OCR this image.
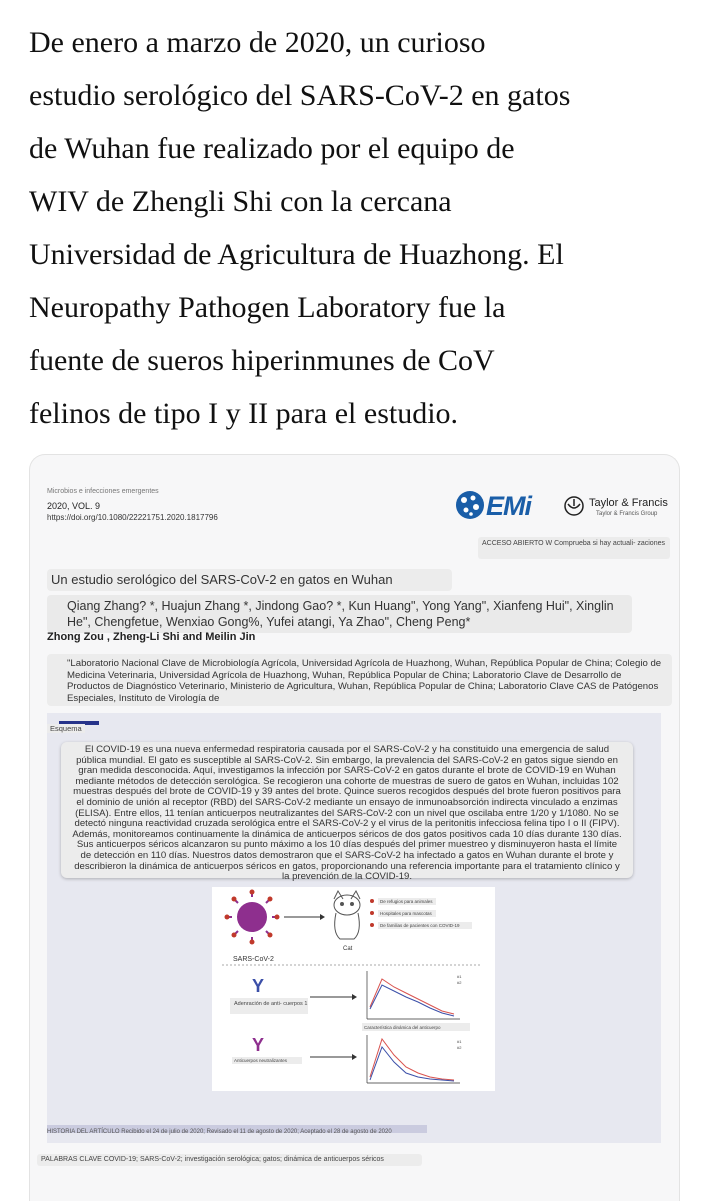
De enero a marzo de 2020, un curioso
estudio serológico del SARS-CoV-2 en gatos
de Wuhan fue realizado por el equipo de
WIV de Zhengli Shi con la cercana
Universidad de Agricultura de Huazhong. El
Neuropathy Pathogen Laboratory fue la
fuente de sueros hiperinmunes de CoV
felinos de tipo I y II para el estudio.
Microbios e infecciones emergentes
2020, VOL. 9
https://doi.org/10.1080/22221751.2020.1817796	EMi	Taylor & Francis
Taylor & Francis Group
ACCESO ABIERTO W Comprueba si hay actuali- zaciones
Un estudio serológico del SARS-CoV-2 en gatos en Wuhan
Qiang Zhang? *, Huajun Zhang *, Jindong Gao? *, Kun Huang", Yong Yang", Xianfeng Hui", Xinglin He", Chengfetue, Wenxiao Gong%, Yufei atangi, Ya Zhao", Cheng Peng*
Zhong Zou , Zheng-Li Shi and Meilin Jin
"Laboratorio Nacional Clave de Microbiología Agrícola, Universidad Agrícola de Huazhong, Wuhan, República Popular de China; Colegio de Medicina Veterinaria, Universidad Agrícola de Huazhong, Wuhan, República Popular de China; Laboratorio Clave de Desarrollo de Productos de Diagnóstico Veterinario, Ministerio de Agricultura, Wuhan, República Popular de China; Laboratorio Clave CAS de Patógenos Especiales, Instituto de Virología de
Esquema
El COVID-19 es una nueva enfermedad respiratoria causada por el SARS-CoV-2 y ha constituido una emergencia de salud pública mundial. El gato es susceptible al SARS-CoV-2. Sin embargo, la prevalencia del SARS-CoV-2 en gatos sigue siendo en gran medida desconocida. Aquí, investigamos la infección por SARS-CoV-2 en gatos durante el brote de COVID-19 en Wuhan mediante métodos de detección serológica. Se recogieron una cohorte de muestras de suero de gatos en Wuhan, incluidas 102 muestras después del brote de COVID-19 y 39 antes del brote. Quince sueros recogidos después del brote fueron positivos para el dominio de unión al receptor (RBD) del SARS-CoV-2 mediante un ensayo de inmunoabsorción indirecta vinculado a enzimas (ELISA). Entre ellos, 11 tenían anticuerpos neutralizantes del SARS-CoV-2 con un nivel que oscilaba entre 1/20 y 1/1080. No se detectó ninguna reactividad cruzada serológica entre el SARS-CoV-2 y el virus de la peritonitis infecciosa felina tipo I o II (FIPV). Además, monitoreamos continuamente la dinámica de anticuerpos séricos de dos gatos positivos cada 10 días durante 130 días. Sus anticuerpos séricos alcanzaron su punto máximo a los 10 días después del primer muestreo y disminuyeron hasta el límite de detección en 110 días. Nuestros datos demostraron que el SARS-CoV-2 ha infectado a gatos en Wuhan durante el brote y describieron la dinámica de anticuerpos séricos en gatos, proporcionando una referencia importante para el tratamiento clínico y la prevención de la COVID-19.
SARS-CoV-2
Cat
De refugios para animales
Hospitales para mascotas
De familias de pacientes con COVID-19
Y
Adenración de anti- cuerpos 1
#1
#2
Característica dinámica del anticuerpo
Y
Anticuerpos neutralizantes
#1
#2
HISTORIA DEL ARTÍCULO Recibido el 24 de julio de 2020; Revisado el 11 de agosto de 2020; Aceptado el 28 de agosto de 2020
PALABRAS CLAVE COVID-19; SARS-CoV-2; investigación serológica; gatos; dinámica de anticuerpos séricos
